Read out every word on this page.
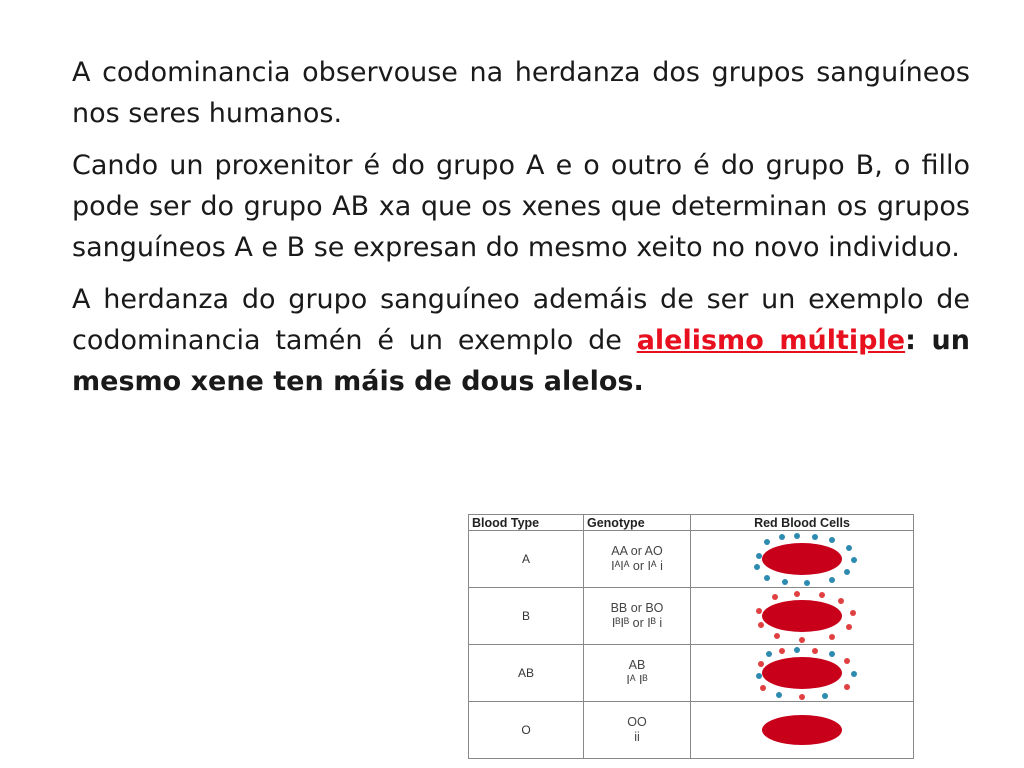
A codominancia observouse na herdanza dos grupos sanguíneos nos seres humanos.

Cando un proxenitor é do grupo A e o outro é do grupo B, o fillo pode ser do grupo AB xa que os xenes que determinan os grupos sanguíneos A e B se expresan do mesmo xeito no novo individuo.

A herdanza do grupo sanguíneo ademáis de ser un exemplo de codominancia tamén é un exemplo de alelismo múltiple: un mesmo xene ten máis de dous alelos.

Blood Type	Genotype	Red Blood Cells
A	AA or AO
IᴬIᴬ or Iᴬ i

B	BB or BO
IᴮIᴮ or Iᴮ i

AB	AB
Iᴬ Iᴮ

O	OO
ii
